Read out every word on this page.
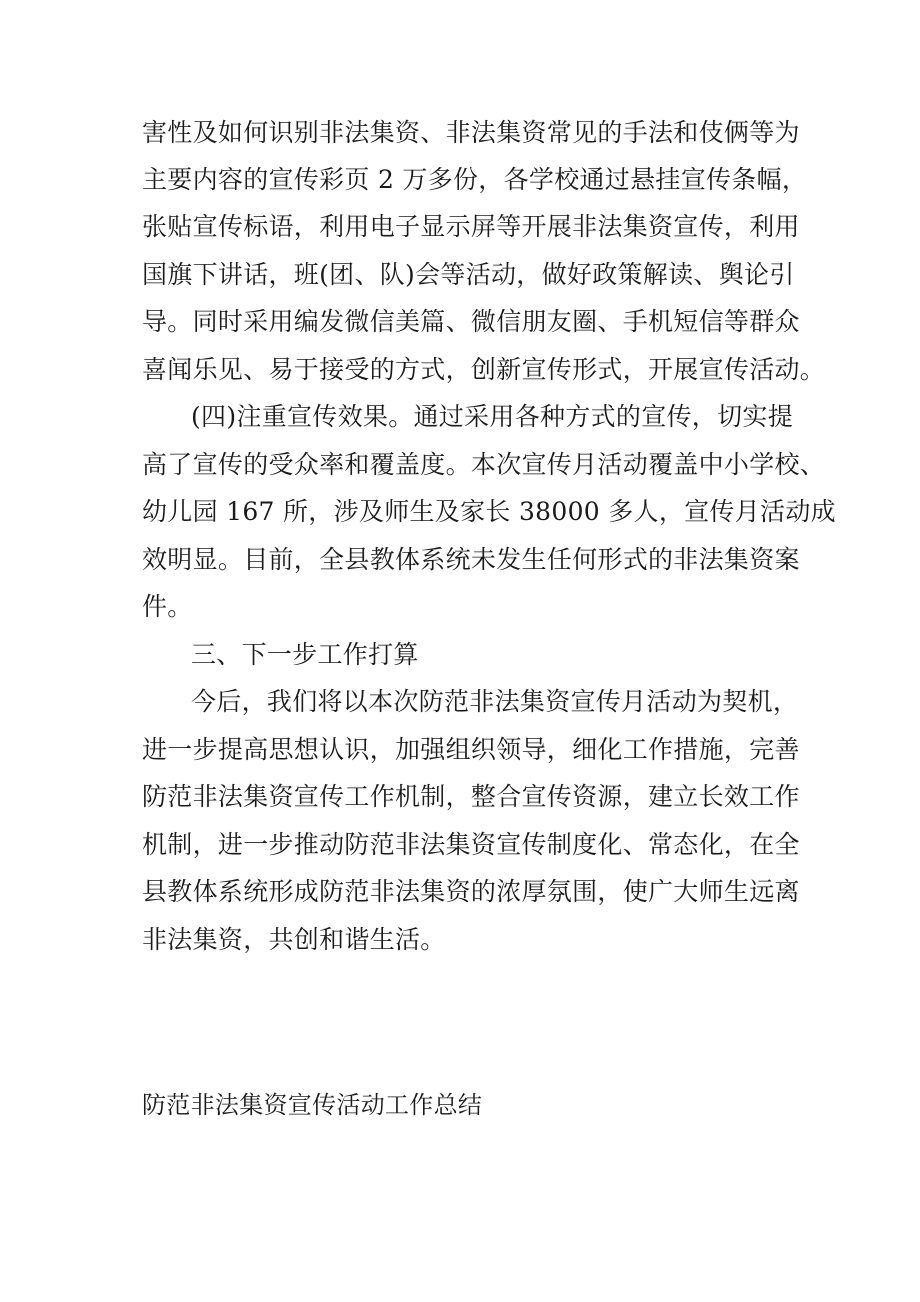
害性及如何识别非法集资、非法集资常见的手法和伎俩等为
主要内容的宣传彩页 2 万多份，各学校通过悬挂宣传条幅，
张贴宣传标语，利用电子显示屏等开展非法集资宣传，利用
国旗下讲话，班(团、队)会等活动，做好政策解读、舆论引
导。同时采用编发微信美篇、微信朋友圈、手机短信等群众
喜闻乐见、易于接受的方式，创新宣传形式，开展宣传活动。
(四)注重宣传效果。通过采用各种方式的宣传，切实提
高了宣传的受众率和覆盖度。本次宣传月活动覆盖中小学校、
幼儿园 167 所，涉及师生及家长 38000 多人，宣传月活动成
效明显。目前，全县教体系统未发生任何形式的非法集资案
件。
三、下一步工作打算
今后，我们将以本次防范非法集资宣传月活动为契机，
进一步提高思想认识，加强组织领导，细化工作措施，完善
防范非法集资宣传工作机制，整合宣传资源，建立长效工作
机制，进一步推动防范非法集资宣传制度化、常态化，在全
县教体系统形成防范非法集资的浓厚氛围，使广大师生远离
非法集资，共创和谐生活。
防范非法集资宣传活动工作总结
